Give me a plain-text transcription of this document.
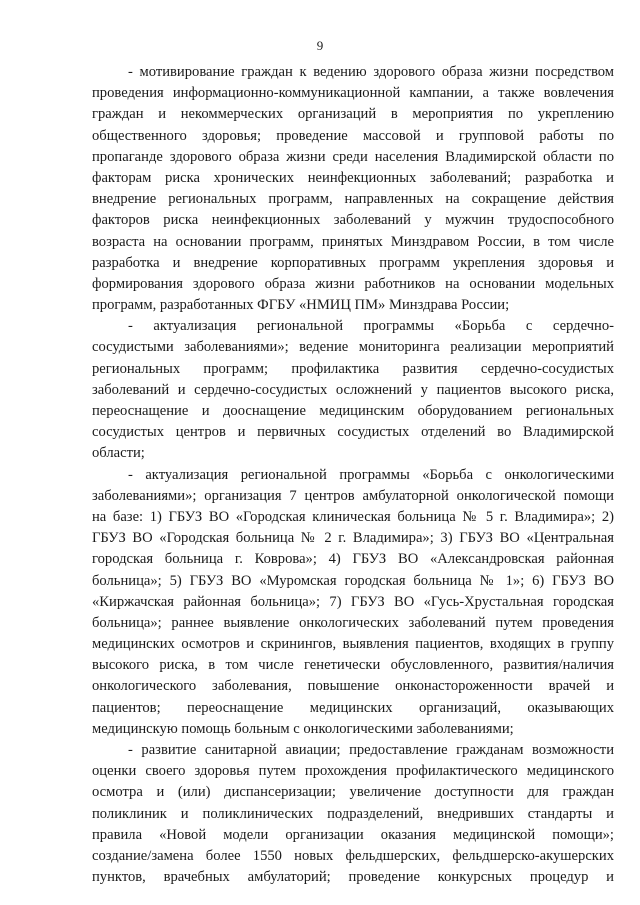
9
- мотивирование граждан к ведению здорового образа жизни посредством
проведения информационно-коммуникационной кампании, а также вовлечения
граждан и некоммерческих организаций в мероприятия по укреплению
общественного здоровья; проведение массовой и групповой работы по
пропаганде здорового образа жизни среди населения Владимирской области по
факторам риска хронических неинфекционных заболеваний; разработка и
внедрение региональных программ, направленных на сокращение действия
факторов риска неинфекционных заболеваний у мужчин трудоспособного
возраста на основании программ, принятых Минздравом России, в том числе
разработка и внедрение корпоративных программ укрепления здоровья и
формирования здорового образа жизни работников на основании модельных
программ, разработанных ФГБУ «НМИЦ ПМ» Минздрава России;
- актуализация региональной программы «Борьба с сердечно-
сосудистыми заболеваниями»; ведение мониторинга реализации мероприятий
региональных программ; профилактика развития сердечно-сосудистых
заболеваний и сердечно-сосудистых осложнений у пациентов высокого риска,
переоснащение и дооснащение медицинским оборудованием региональных
сосудистых центров и первичных сосудистых отделений во Владимирской
области;
- актуализация региональной программы «Борьба с онкологическими
заболеваниями»; организация 7 центров амбулаторной онкологической помощи
на базе: 1) ГБУЗ ВО «Городская клиническая больница № 5 г. Владимира»; 2)
ГБУЗ ВО «Городская больница № 2 г. Владимира»; 3) ГБУЗ ВО «Центральная
городская больница г. Коврова»; 4) ГБУЗ ВО «Александровская районная
больница»; 5) ГБУЗ ВО «Муромская городская больница № 1»; 6) ГБУЗ ВО
«Киржачская районная больница»; 7) ГБУЗ ВО «Гусь-Хрустальная городская
больница»; раннее выявление онкологических заболеваний путем проведения
медицинских осмотров и скринингов, выявления пациентов, входящих в группу
высокого риска, в том числе генетически обусловленного, развития/наличия
онкологического заболевания, повышение онконастороженности врачей и
пациентов; переоснащение медицинских организаций, оказывающих
медицинскую помощь больным с онкологическими заболеваниями;
- развитие санитарной авиации; предоставление гражданам возможности
оценки своего здоровья путем прохождения профилактического медицинского
осмотра и (или) диспансеризации; увеличение доступности для граждан
поликлиник и поликлинических подразделений, внедривших стандарты и
правила «Новой модели организации оказания медицинской помощи»;
создание/замена более 1550 новых фельдшерских, фельдшерско-акушерских
пунктов, врачебных амбулаторий; проведение конкурсных процедур и
